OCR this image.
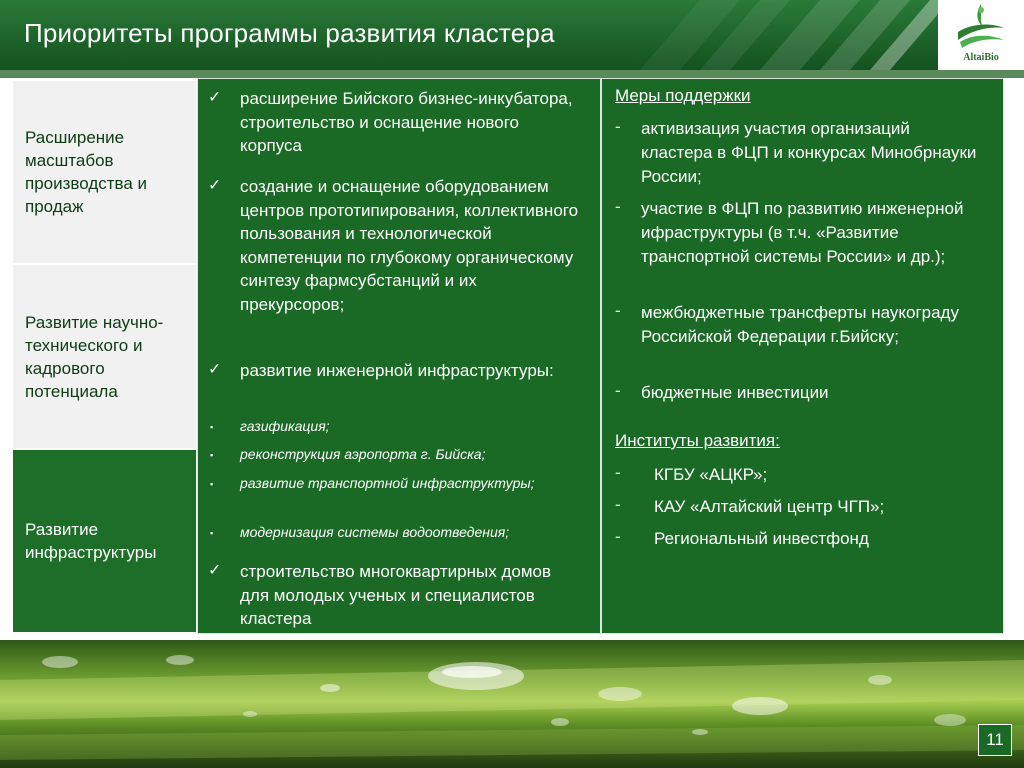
Приоритеты программы развития кластера
AltaiBio
Расширение масштабов производства и продаж
Развитие научно-технического и кадрового потенциала
Развитие инфраструктуры
✓ расширение Бийского бизнес-инкубатора, строительство и оснащение нового корпуса
✓ создание и оснащение оборудованием центров прототипирования, коллективного пользования и технологической компетенции по глубокому органическому синтезу фармсубстанций и их прекурсоров;
✓ развитие инженерной инфраструктуры:
▪ газификация;
▪ реконструкция аэропорта г. Бийска;
▪ развитие транспортной инфраструктуры;
▪ модернизация системы водоотведения;
✓ строительство многоквартирных домов для молодых ученых и специалистов кластера
Меры поддержки
- активизация участия организаций кластера в ФЦП и конкурсах Минобрнауки России;
- участие в ФЦП по развитию инженерной ифраструктуры (в т.ч. «Развитие транспортной системы России» и др.);
- межбюджетные трансферты наукограду Российской Федерации г.Бийску;
- бюджетные инвестиции
Институты развития:
- КГБУ «АЦКР»;
- КАУ «Алтайский центр ЧГП»;
- Региональный инвестфонд
11
